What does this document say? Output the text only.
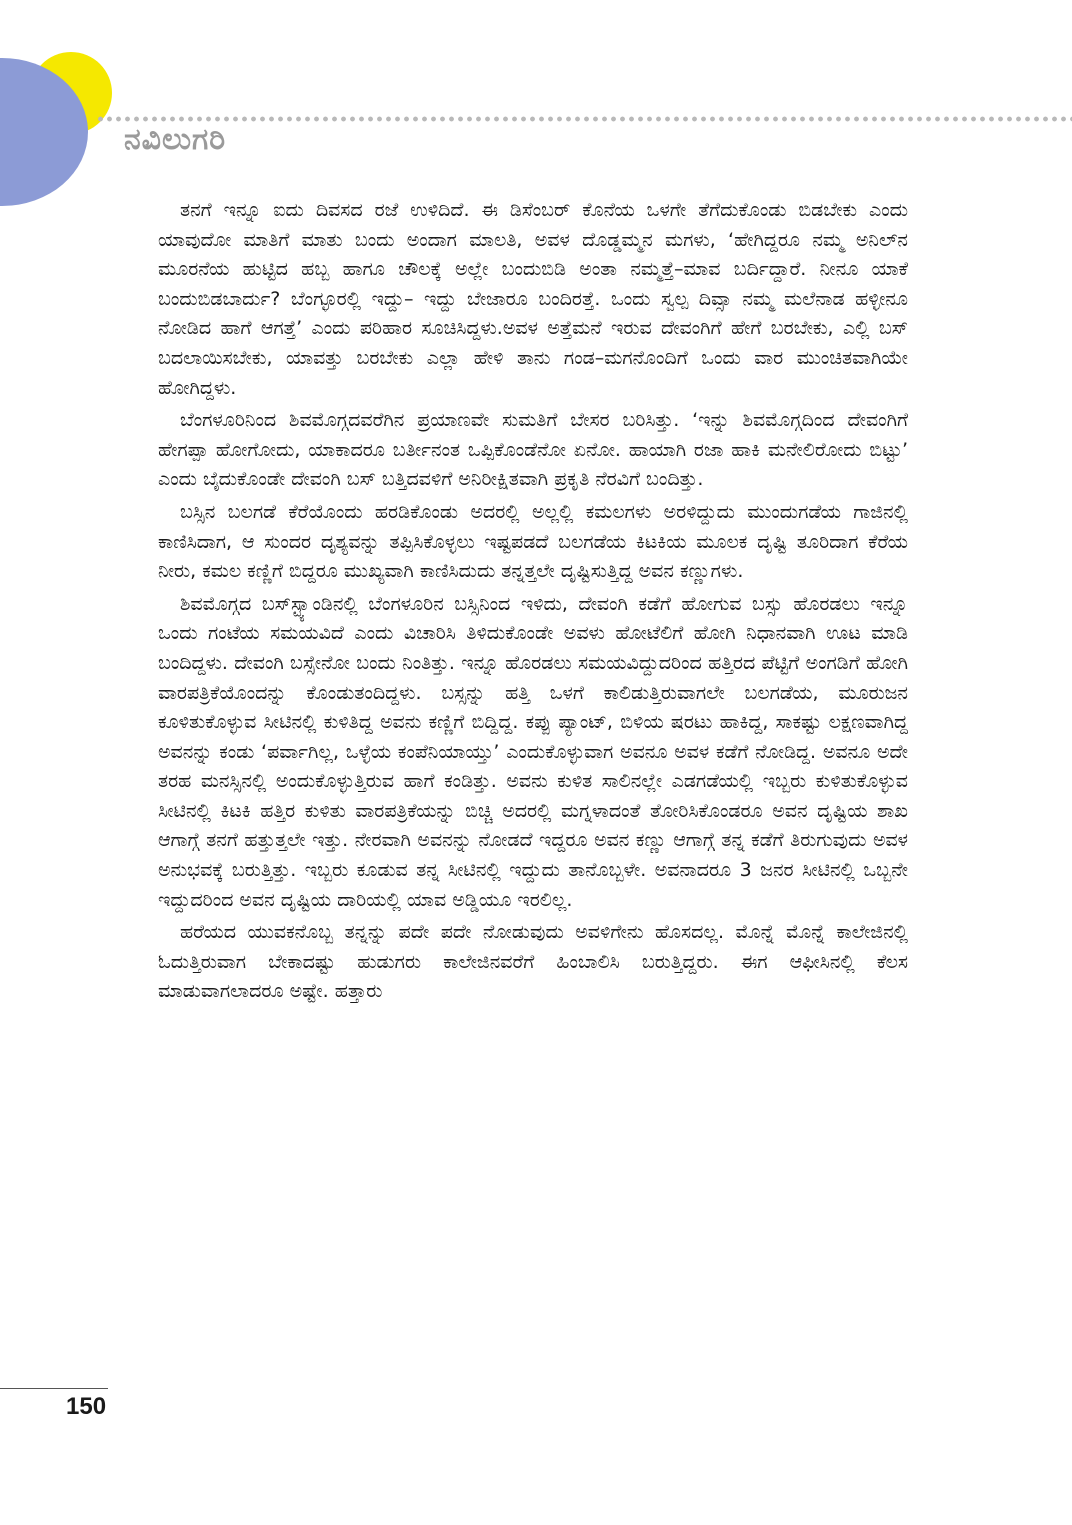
ನವಿಲುಗರಿ

ತನಗೆ ಇನ್ನೂ ಐದು ದಿವಸದ ರಜೆ ಉಳಿದಿದೆ. ಈ ಡಿಸೆಂಬರ್ ಕೊನೆಯ ಒಳಗೇ ತೆಗೆದುಕೊಂಡು ಬಿಡಬೇಕು ಎಂದು ಯಾವುದೋ ಮಾತಿಗೆ ಮಾತು ಬಂದು ಅಂದಾಗ ಮಾಲತಿ, ಅವಳ ದೊಡ್ಡಮ್ಮನ ಮಗಳು, ‘ಹೇಗಿದ್ದರೂ ನಮ್ಮ ಅನಿಲ್‌ನ ಮೂರನೆಯ ಹುಟ್ಟಿದ ಹಬ್ಬ ಹಾಗೂ ಚೌಲಕ್ಕೆ ಅಲ್ಲೇ ಬಂದುಬಿಡಿ ಅಂತಾ ನಮ್ಮತ್ತೆ–ಮಾವ ಬರ್ದಿದ್ದಾರೆ. ನೀನೂ ಯಾಕೆ ಬಂದುಬಿಡಬಾರ್ದು? ಬೆಂಗ್ಳೂರಲ್ಲಿ ಇದ್ದು– ಇದ್ದು ಬೇಜಾರೂ ಬಂದಿರತ್ತೆ. ಒಂದು ಸ್ವಲ್ಪ ದಿವ್ಸಾ ನಮ್ಮ ಮಲೆನಾಡ ಹಳ್ಳೀನೂ ನೋಡಿದ ಹಾಗೆ ಆಗತ್ತೆ’ ಎಂದು ಪರಿಹಾರ ಸೂಚಿಸಿದ್ದಳು.ಅವಳ ಅತ್ತೆಮನೆ ಇರುವ ದೇವಂಗಿಗೆ ಹೇಗೆ ಬರಬೇಕು, ಎಲ್ಲಿ ಬಸ್ ಬದಲಾಯಿಸಬೇಕು, ಯಾವತ್ತು ಬರಬೇಕು ಎಲ್ಲಾ ಹೇಳಿ ತಾನು ಗಂಡ–ಮಗನೊಂದಿಗೆ ಒಂದು ವಾರ ಮುಂಚಿತವಾಗಿಯೇ ಹೋಗಿದ್ದಳು.

ಬೆಂಗಳೂರಿನಿಂದ ಶಿವಮೊಗ್ಗದವರೆಗಿನ ಪ್ರಯಾಣವೇ ಸುಮತಿಗೆ ಬೇಸರ ಬರಿಸಿತ್ತು. ‘ಇನ್ನು ಶಿವಮೊಗ್ಗದಿಂದ ದೇವಂಗಿಗೆ ಹೇಗಪ್ಪಾ ಹೋಗೋದು, ಯಾಕಾದರೂ ಬರ್ತೀನಂತ ಒಪ್ಪಿಕೊಂಡೆನೋ ಏನೋ. ಹಾಯಾಗಿ ರಜಾ ಹಾಕಿ ಮನೇಲಿರೋದು ಬಿಟ್ಟು’ ಎಂದು ಬೈದುಕೊಂಡೇ ದೇವಂಗಿ ಬಸ್ ಬತ್ತಿದವಳಿಗೆ ಅನಿರೀಕ್ಷಿತವಾಗಿ ಪ್ರಕೃತಿ ನೆರವಿಗೆ ಬಂದಿತ್ತು.

ಬಸ್ಸಿನ ಬಲಗಡೆ ಕೆರೆಯೊಂದು ಹರಡಿಕೊಂಡು ಅದರಲ್ಲಿ ಅಲ್ಲಲ್ಲಿ ಕಮಲಗಳು ಅರಳಿದ್ದುದು ಮುಂದುಗಡೆಯ ಗಾಜಿನಲ್ಲಿ ಕಾಣಿಸಿದಾಗ, ಆ ಸುಂದರ ದೃಶ್ಯವನ್ನು ತಪ್ಪಿಸಿಕೊಳ್ಳಲು ಇಷ್ಟಪಡದೆ ಬಲಗಡೆಯ ಕಿಟಕಿಯ ಮೂಲಕ ದೃಷ್ಟಿ ತೂರಿದಾಗ ಕೆರೆಯ ನೀರು, ಕಮಲ ಕಣ್ಣಿಗೆ ಬಿದ್ದರೂ ಮುಖ್ಯವಾಗಿ ಕಾಣಿಸಿದುದು ತನ್ನತ್ತಲೇ ದೃಷ್ಟಿಸುತ್ತಿದ್ದ ಅವನ ಕಣ್ಣುಗಳು.

ಶಿವಮೊಗ್ಗದ ಬಸ್‌ಸ್ಟ್ಯಾಂಡಿನಲ್ಲಿ ಬೆಂಗಳೂರಿನ ಬಸ್ಸಿನಿಂದ ಇಳಿದು, ದೇವಂಗಿ ಕಡೆಗೆ ಹೋಗುವ ಬಸ್ಸು ಹೊರಡಲು ಇನ್ನೂ ಒಂದು ಗಂಟೆಯ ಸಮಯವಿದೆ ಎಂದು ವಿಚಾರಿಸಿ ತಿಳಿದುಕೊಂಡೇ ಅವಳು ಹೋಟೆಲಿಗೆ ಹೋಗಿ ನಿಧಾನವಾಗಿ ಊಟ ಮಾಡಿ ಬಂದಿದ್ದಳು. ದೇವಂಗಿ ಬಸ್ಸೇನೋ ಬಂದು ನಿಂತಿತ್ತು. ಇನ್ನೂ ಹೊರಡಲು ಸಮಯವಿದ್ದುದರಿಂದ ಹತ್ತಿರದ ಪೆಟ್ಟಿಗೆ ಅಂಗಡಿಗೆ ಹೋಗಿ ವಾರಪತ್ರಿಕೆಯೊಂದನ್ನು ಕೊಂಡುತಂದಿದ್ದಳು. ಬಸ್ಸನ್ನು ಹತ್ತಿ ಒಳಗೆ ಕಾಲಿಡುತ್ತಿರುವಾಗಲೇ ಬಲಗಡೆಯ, ಮೂರುಜನ ಕೂಳಿತುಕೊಳ್ಳುವ ಸೀಟಿನಲ್ಲಿ ಕುಳಿತಿದ್ದ ಅವನು ಕಣ್ಣಿಗೆ ಬಿದ್ದಿದ್ದ. ಕಪ್ಪು ಪ್ಯಾಂಟ್, ಬಿಳಿಯ ಷರಟು ಹಾಕಿದ್ದ, ಸಾಕಷ್ಟು ಲಕ್ಷಣವಾಗಿದ್ದ ಅವನನ್ನು ಕಂಡು ‘ಪರ್ವಾಗಿಲ್ಲ, ಒಳ್ಳೆಯ ಕಂಪೆನಿಯಾಯ್ತು’ ಎಂದುಕೊಳ್ಳುವಾಗ ಅವನೂ ಅವಳ ಕಡೆಗೆ ನೋಡಿದ್ದ. ಅವನೂ ಅದೇ ತರಹ ಮನಸ್ಸಿನಲ್ಲಿ ಅಂದುಕೊಳ್ಳುತ್ತಿರುವ ಹಾಗೆ ಕಂಡಿತ್ತು. ಅವನು ಕುಳಿತ ಸಾಲಿನಲ್ಲೇ ಎಡಗಡೆಯಲ್ಲಿ ಇಬ್ಬರು ಕುಳಿತುಕೊಳ್ಳುವ ಸೀಟಿನಲ್ಲಿ ಕಿಟಕಿ ಹತ್ತಿರ ಕುಳಿತು ವಾರಪತ್ರಿಕೆಯನ್ನು ಬಿಚ್ಚಿ ಅದರಲ್ಲಿ ಮಗ್ನಳಾದಂತೆ ತೋರಿಸಿಕೊಂಡರೂ ಅವನ ದೃಷ್ಟಿಯ ಶಾಖ ಆಗಾಗ್ಗೆ ತನಗೆ ಹತ್ತುತ್ತಲೇ ಇತ್ತು. ನೇರವಾಗಿ ಅವನನ್ನು ನೋಡದೆ ಇದ್ದರೂ ಅವನ ಕಣ್ಣು ಆಗಾಗ್ಗೆ ತನ್ನ ಕಡೆಗೆ ತಿರುಗುವುದು ಅವಳ ಅನುಭವಕ್ಕೆ ಬರುತ್ತಿತ್ತು. ಇಬ್ಬರು ಕೂಡುವ ತನ್ನ ಸೀಟಿನಲ್ಲಿ ಇದ್ದುದು ತಾನೊಬ್ಬಳೇ. ಅವನಾದರೂ 3 ಜನರ ಸೀಟಿನಲ್ಲಿ ಒಬ್ಬನೇ ಇದ್ದುದರಿಂದ ಅವನ ದೃಷ್ಟಿಯ ದಾರಿಯಲ್ಲಿ ಯಾವ ಅಡ್ಡಿಯೂ ಇರಲಿಲ್ಲ.

ಹರೆಯದ ಯುವಕನೊಬ್ಬ ತನ್ನನ್ನು ಪದೇ ಪದೇ ನೋಡುವುದು ಅವಳಿಗೇನು ಹೊಸದಲ್ಲ. ಮೊನ್ನೆ ಮೊನ್ನೆ ಕಾಲೇಜಿನಲ್ಲಿ ಓದುತ್ತಿರುವಾಗ ಬೇಕಾದಷ್ಟು ಹುಡುಗರು ಕಾಲೇಜಿನವರೆಗೆ ಹಿಂಬಾಲಿಸಿ ಬರುತ್ತಿದ್ದರು. ಈಗ ಆಫೀಸಿನಲ್ಲಿ ಕೆಲಸ ಮಾಡುವಾಗಲಾದರೂ ಅಷ್ಟೇ. ಹತ್ತಾರು

150
